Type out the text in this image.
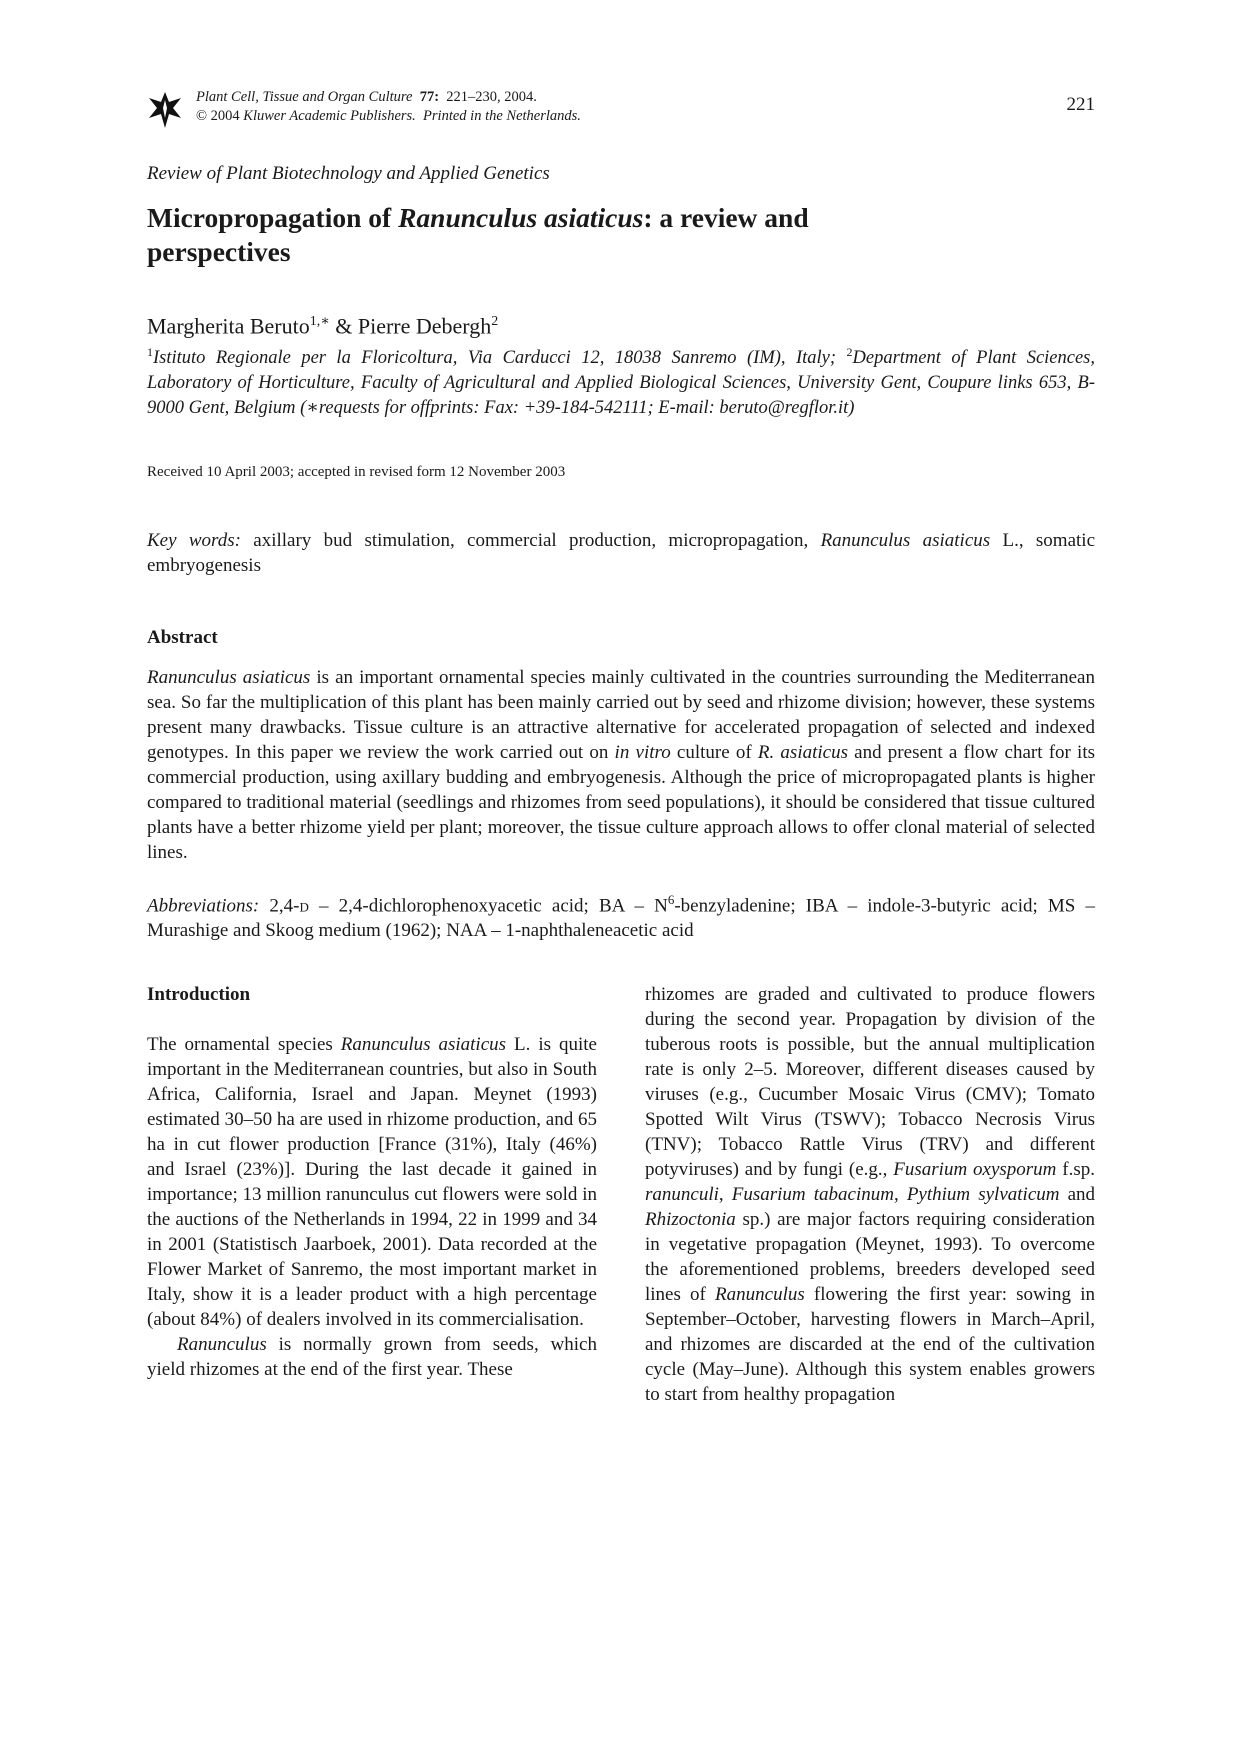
Plant Cell, Tissue and Organ Culture 77: 221–230, 2004.
© 2004 Kluwer Academic Publishers. Printed in the Netherlands.
221
Review of Plant Biotechnology and Applied Genetics
Micropropagation of Ranunculus asiaticus: a review and perspectives
Margherita Beruto$^{1,∗}$ & Pierre Debergh$^2$
$^1$Istituto Regionale per la Floricoltura, Via Carducci 12, 18038 Sanremo (IM), Italy; $^2$Department of Plant Sciences, Laboratory of Horticulture, Faculty of Agricultural and Applied Biological Sciences, University Gent, Coupure links 653, B-9000 Gent, Belgium (∗requests for offprints: Fax: +39-184-542111; E-mail: beruto@regflor.it)
Received 10 April 2003; accepted in revised form 12 November 2003
Key words: axillary bud stimulation, commercial production, micropropagation, Ranunculus asiaticus L., somatic embryogenesis
Abstract

Ranunculus asiaticus is an important ornamental species mainly cultivated in the countries surrounding the Mediterranean sea. So far the multiplication of this plant has been mainly carried out by seed and rhizome division; however, these systems present many drawbacks. Tissue culture is an attractive alternative for accelerated propagation of selected and indexed genotypes. In this paper we review the work carried out on in vitro culture of R. asiaticus and present a flow chart for its commercial production, using axillary budding and embryogenesis. Although the price of micropropagated plants is higher compared to traditional material (seedlings and rhizomes from seed populations), it should be considered that tissue cultured plants have a better rhizome yield per plant; moreover, the tissue culture approach allows to offer clonal material of selected lines.

Abbreviations: 2,4-d – 2,4-dichlorophenoxyacetic acid; BA – $N^6$-benzyladenine; IBA – indole-3-butyric acid; MS – Murashige and Skoog medium (1962); NAA – 1-naphthaleneacetic acid
Introduction

The ornamental species Ranunculus asiaticus L. is quite important in the Mediterranean countries, but also in South Africa, California, Israel and Japan. Meynet (1993) estimated 30–50 ha are used in rhizome production, and 65 ha in cut flower production [France (31%), Italy (46%) and Israel (23%)]. During the last decade it gained in importance; 13 million ranunculus cut flowers were sold in the auctions of the Netherlands in 1994, 22 in 1999 and 34 in 2001 (Statistisch Jaarboek, 2001). Data recorded at the Flower Market of Sanremo, the most important market in Italy, show it is a leader product with a high percentage (about 84%) of dealers involved in its commercialisation.

Ranunculus is normally grown from seeds, which yield rhizomes at the end of the first year. These

rhizomes are graded and cultivated to produce flowers during the second year. Propagation by division of the tuberous roots is possible, but the annual multiplication rate is only 2–5. Moreover, different diseases caused by viruses (e.g., Cucumber Mosaic Virus (CMV); Tomato Spotted Wilt Virus (TSWV); Tobacco Necrosis Virus (TNV); Tobacco Rattle Virus (TRV) and different potyviruses) and by fungi (e.g., Fusarium oxysporum f.sp. ranunculi, Fusarium tabacinum, Pythium sylvaticum and Rhizoctonia sp.) are major factors requiring consideration in vegetative propagation (Meynet, 1993). To overcome the aforementioned problems, breeders developed seed lines of Ranunculus flowering the first year: sowing in September–October, harvesting flowers in March–April, and rhizomes are discarded at the end of the cultivation cycle (May–June). Although this system enables growers to start from healthy propagation
